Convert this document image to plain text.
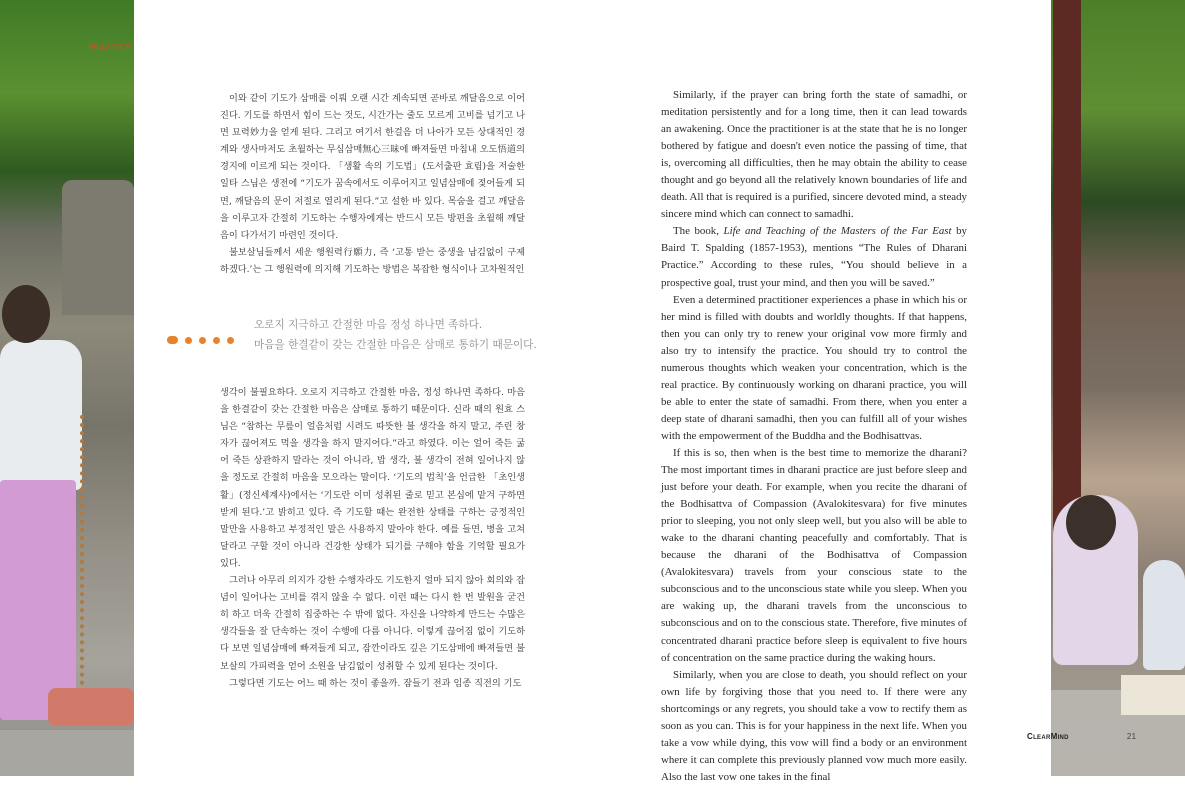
PRACTICE

이와 같이 기도가 삼매를 이뤄 오랜 시간 계속되면 곧바로 깨달음으로 이어진다. 기도를 하면서 힘이 드는 것도, 시간가는 줄도 모르게 고비를 넘기고 나면 묘력妙力을 얻게 된다. 그리고 여기서 한걸음 더 나아가 모든 상대적인 경계와 생사마저도 초월하는 무심삼매無心三昧에 빠져들면 마침내 오도悟道의 경지에 이르게 되는 것이다. 「생활 속의 기도법」(도서출판 효림)을 저술한 일타 스님은 생전에 “기도가 꿈속에서도 이루어지고 일념삼매에 젖어들게 되면, 깨달음의 문이 저절로 열리게 된다.”고 설한 바 있다. 목숨을 걸고 깨달음을 이루고자 간절히 기도하는 수행자에게는 반드시 모든 방편을 초월해 깨달음이 다가서기 마련인 것이다.

불보살님들께서 세운 행원력行願力, 즉 ‘고통 받는 중생을 남김없이 구제하겠다.’는 그 행원력에 의지해 기도하는 방법은 복잡한 형식이나 고차원적인

오로지 지극하고 간절한 마음 정성 하나면 족하다.
마음을 한결같이 갖는 간절한 마음은 삼매로 통하기 때문이다.

생각이 불필요하다. 오로지 지극하고 간절한 마음, 정성 하나면 족하다. 마음을 한결같이 갖는 간절한 마음은 삼매로 통하기 때문이다. 신라 때의 원효 스님은 “참하는 무릎이 얼음처럼 시려도 따뜻한 불 생각을 하지 말고, 주린 창자가 끊어져도 먹을 생각을 하지 말지어다.”라고 하였다. 이는 얼어 죽든 굶어 죽든 상관하지 말라는 것이 아니라, 밥 생각, 불 생각이 전혀 일어나지 않을 정도로 간절히 마음을 모으라는 말이다. ‘기도의 법칙’을 언급한 「초인생활」(정신세계사)에서는 ‘기도란 이미 성취된 줄로 믿고 본심에 맡겨 구하면 받게 된다.’고 밝히고 있다. 즉 기도할 때는 완전한 상태를 구하는 긍정적인 말만을 사용하고 부정적인 말은 사용하지 말아야 한다. 예를 들면, 병을 고쳐 달라고 구할 것이 아니라 건강한 상태가 되기를 구해야 함을 기억할 필요가 있다.

그러나 아무리 의지가 강한 수행자라도 기도한지 얼마 되지 않아 회의와 잡념이 일어나는 고비를 겪지 않을 수 없다. 이런 때는 다시 한 번 발원을 굳건히 하고 더욱 간절히 집중하는 수 밖에 없다. 자신을 나약하게 만드는 수많은 생각들을 잘 단속하는 것이 수행에 다름 아니다. 이렇게 끊어짐 없이 기도하다 보면 일념삼매에 빠져들게 되고, 잠깐이라도 깊은 기도삼매에 빠져들면 불보살의 가피력을 얻어 소원을 남김없이 성취할 수 있게 된다는 것이다.

그렇다면 기도는 어느 때 하는 것이 좋을까. 잠들기 전과 임종 직전의 기도

Similarly, if the prayer can bring forth the state of samadhi, or meditation persistently and for a long time, then it can lead towards an awakening. Once the practitioner is at the state that he is no longer bothered by fatigue and doesn't even notice the passing of time, that is, overcoming all difficulties, then he may obtain the ability to cease thought and go beyond all the relatively known boundaries of life and death. All that is required is a purified, sincere devoted mind, a steady sincere mind which can connect to samadhi.

The book, Life and Teaching of the Masters of the Far East by Baird T. Spalding (1857-1953), mentions “The Rules of Dharani Practice.” According to these rules, “You should believe in a prospective goal, trust your mind, and then you will be saved.”

Even a determined practitioner experiences a phase in which his or her mind is filled with doubts and worldly thoughts. If that happens, then you can only try to renew your original vow more firmly and also try to intensify the practice. You should try to control the numerous thoughts which weaken your concentration, which is the real practice. By continuously working on dharani practice, you will be able to enter the state of samadhi. From there, when you enter a deep state of dharani samadhi, then you can fulfill all of your wishes with the empowerment of the Buddha and the Bodhisattvas.

If this is so, then when is the best time to memorize the dharani? The most important times in dharani practice are just before sleep and just before your death. For example, when you recite the dharani of the Bodhisattva of Compassion (Avalokitesvara) for five minutes prior to sleeping, you not only sleep well, but you also will be able to wake to the dharani chanting peacefully and comfortably. That is because the dharani of the Bodhisattva of Compassion (Avalokitesvara) travels from your conscious state to the subconscious and to the unconscious state while you sleep. When you are waking up, the dharani travels from the unconscious to subconscious and on to the conscious state. Therefore, five minutes of concentrated dharani practice before sleep is equivalent to five hours of concentration on the same practice during the waking hours.

Similarly, when you are close to death, you should reflect on your own life by forgiving those that you need to. If there were any shortcomings or any regrets, you should take a vow to rectify them as soon as you can. This is for your happiness in the next life. When you take a vow while dying, this vow will find a body or an environment where it can complete this previously planned vow much more easily. Also the last vow one takes in the final

ClearMind Sep-Oct 2009 21
